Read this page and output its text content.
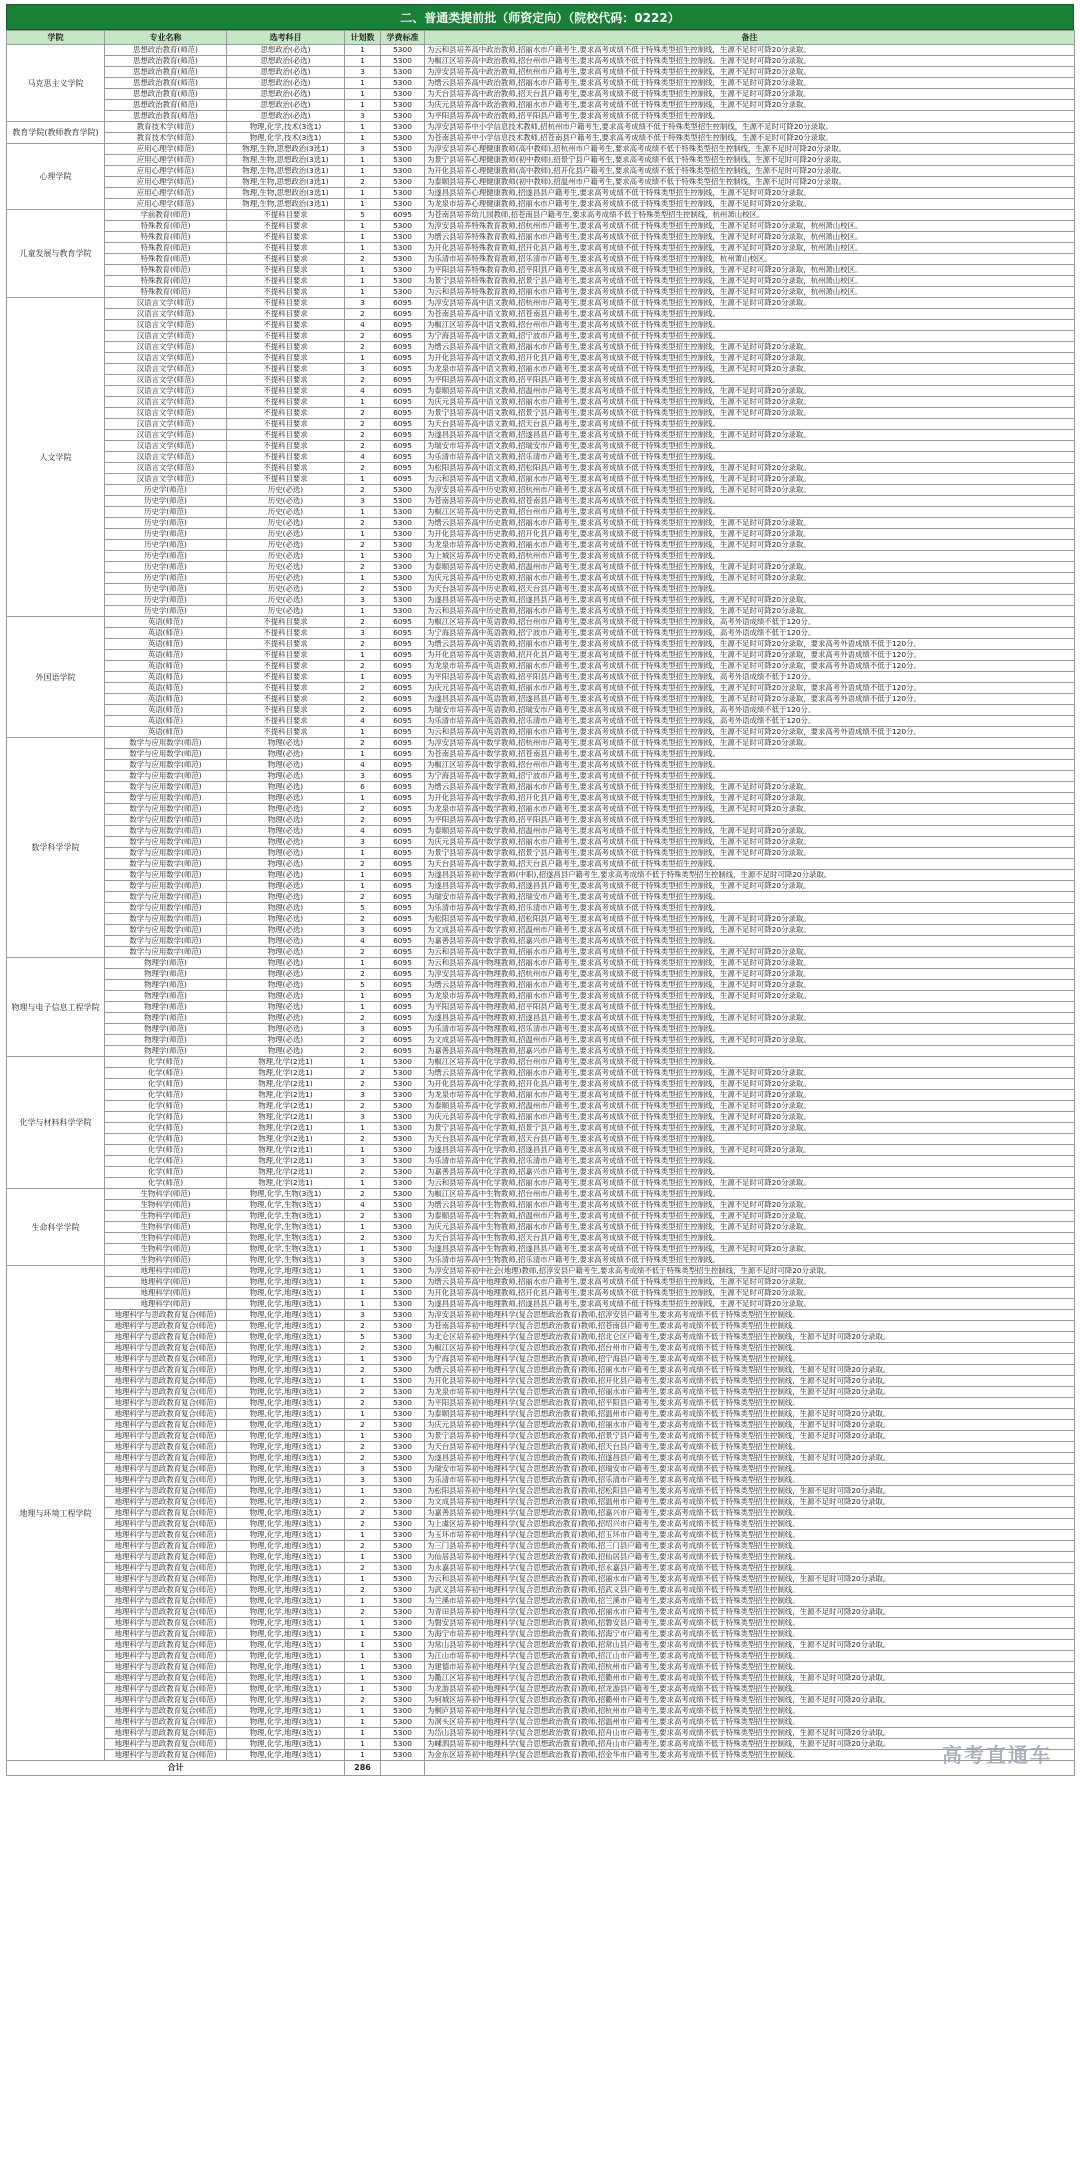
二、普通类提前批（师资定向）（院校代码：0222）
学院	专业名称	选考科目	计划数	学费标准	备注
马克思主义学院	思想政治教育(师范)	思想政治(必选)	1	5300	为云和县培养高中政治教师,招丽水市户籍考生,要求高考成绩不低于特殊类型招生控制线，生源不足时可降20分录取。
	思想政治教育(师范)	思想政治(必选)	1	5300	为椒江区培养高中政治教师,招台州市户籍考生,要求高考成绩不低于特殊类型招生控制线。生源不足时可降20分录取。
	思想政治教育(师范)	思想政治(必选)	3	5300	为淳安县培养高中政治教师,招杭州市户籍考生,要求高考成绩不低于特殊类型招生控制线，生源不足时可降20分录取。
	思想政治教育(师范)	思想政治(必选)	1	5300	为缙云县培养高中政治教师,招丽水市户籍考生,要求高考成绩不低于特殊类型招生控制线，生源不足时可降20分录取。
	思想政治教育(师范)	思想政治(必选)	1	5300	为天台县培养高中政治教师,招天台县户籍考生,要求高考成绩不低于特殊类型招生控制线，生源不足时可降20分录取。
	思想政治教育(师范)	思想政治(必选)	1	5300	为庆元县培养高中政治教师,招丽水市户籍考生,要求高考成绩不低于特殊类型招生控制线，生源不足时可降20分录取。
	思想政治教育(师范)	思想政治(必选)	3	5300	为平阳县培养高中政治教师,招平阳县户籍考生,要求高考成绩不低于特殊类型招生控制线。
教育学院(教师教育学院)	教育技术学(师范)	物理,化学,技术(3选1)	1	5300	为淳安县培养中小学信息技术教师,招杭州市户籍考生,要求高考成绩不低于特殊类型招生控制线，生源不足时可降20分录取。
	教育技术学(师范)	物理,化学,技术(3选1)	1	5300	为苍南县培养中小学信息技术教师,招苍南县户籍考生,要求高考成绩不低于特殊类型招生控制线，生源不足时可降20分录取。
心理学院	应用心理学(师范)	物理,生物,思想政治(3选1)	3	5300	为淳安县培养心理健康教师(高中教师),招杭州市户籍考生,要求高考成绩不低于特殊类型招生控制线，生源不足时可降20分录取。
	应用心理学(师范)	物理,生物,思想政治(3选1)	1	5300	为景宁县培养心理健康教师(初中教师),招景宁县户籍考生,要求高考成绩不低于特殊类型招生控制线，生源不足时可降20分录取。
	应用心理学(师范)	物理,生物,思想政治(3选1)	1	5300	为开化县培养心理健康教师(高中教师),招开化县户籍考生,要求高考成绩不低于特殊类型招生控制线，生源不足时可降20分录取。
	应用心理学(师范)	物理,生物,思想政治(3选1)	2	5300	为泰顺县培养心理健康教师(初中教师),招温州市户籍考生,要求高考成绩不低于特殊类型招生控制线，生源不足时可降20分录取。
	应用心理学(师范)	物理,生物,思想政治(3选1)	1	5300	为遂昌县培养心理健康教师,招遂昌县户籍考生,要求高考成绩不低于特殊类型招生控制线，生源不足时可降20分录取。
	应用心理学(师范)	物理,生物,思想政治(3选1)	1	5300	为龙泉市培养心理健康教师,招丽水市户籍考生,要求高考成绩不低于特殊类型招生控制线，生源不足时可降20分录取。
儿童发展与教育学院	学前教育(师范)	不提科目要求	5	6095	为苍南县培养幼儿园教师,招苍南县户籍考生,要求高考成绩不低于特殊类型招生控制线，杭州萧山校区。
	特殊教育(师范)	不提科目要求	1	5300	为淳安县培养特殊教育教师,招杭州市户籍考生,要求高考成绩不低于特殊类型招生控制线，生源不足时可降20分录取，杭州萧山校区。
	特殊教育(师范)	不提科目要求	1	5300	为缙云县培养特殊教育教师,招丽水市户籍考生,要求高考成绩不低于特殊类型招生控制线，生源不足时可降20分录取，杭州萧山校区。
	特殊教育(师范)	不提科目要求	1	5300	为开化县培养特殊教育教师,招开化县户籍考生,要求高考成绩不低于特殊类型招生控制线，生源不足时可降20分录取，杭州萧山校区。
	特殊教育(师范)	不提科目要求	2	5300	为乐清市培养特殊教育教师,招乐清市户籍考生,要求高考成绩不低于特殊类型招生控制线，杭州萧山校区。
	特殊教育(师范)	不提科目要求	1	5300	为平阳县培养特殊教育教师,招平阳县户籍考生,要求高考成绩不低于特殊类型招生控制线，生源不足时可降20分录取，杭州萧山校区。
	特殊教育(师范)	不提科目要求	1	5300	为景宁县培养特殊教育教师,招景宁县户籍考生,要求高考成绩不低于特殊类型招生控制线，生源不足时可降20分录取，杭州萧山校区。
	特殊教育(师范)	不提科目要求	1	5300	为云和县培养特殊教育教师,招丽水市户籍考生,要求高考成绩不低于特殊类型招生控制线，生源不足时可降20分录取，杭州萧山校区。
人文学院	汉语言文学(师范)	不提科目要求	3	6095	为淳安县培养高中语文教师,招杭州市户籍考生,要求高考成绩不低于特殊类型招生控制线，生源不足时可降20分录取。
	汉语言文学(师范)	不提科目要求	2	6095	为苍南县培养高中语文教师,招苍南县户籍考生,要求高考成绩不低于特殊类型招生控制线。
	汉语言文学(师范)	不提科目要求	4	6095	为椒江区培养高中语文教师,招台州市户籍考生,要求高考成绩不低于特殊类型招生控制线。
	汉语言文学(师范)	不提科目要求	2	6095	为宁海县培养高中语文教师,招宁波市户籍考生,要求高考成绩不低于特殊类型招生控制线。
	汉语言文学(师范)	不提科目要求	2	6095	为缙云县培养高中语文教师,招丽水市户籍考生,要求高考成绩不低于特殊类型招生控制线，生源不足时可降20分录取。
	汉语言文学(师范)	不提科目要求	1	6095	为开化县培养高中语文教师,招开化县户籍考生,要求高考成绩不低于特殊类型招生控制线，生源不足时可降20分录取。
	汉语言文学(师范)	不提科目要求	3	6095	为龙泉市培养高中语文教师,招丽水市户籍考生,要求高考成绩不低于特殊类型招生控制线，生源不足时可降20分录取。
	汉语言文学(师范)	不提科目要求	2	6095	为平阳县培养高中语文教师,招平阳县户籍考生,要求高考成绩不低于特殊类型招生控制线。
	汉语言文学(师范)	不提科目要求	4	6095	为泰顺县培养高中语文教师,招温州市户籍考生,要求高考成绩不低于特殊类型招生控制线，生源不足时可降20分录取。
	汉语言文学(师范)	不提科目要求	1	6095	为庆元县培养高中语文教师,招丽水市户籍考生,要求高考成绩不低于特殊类型招生控制线，生源不足时可降20分录取。
	汉语言文学(师范)	不提科目要求	2	6095	为景宁县培养高中语文教师,招景宁县户籍考生,要求高考成绩不低于特殊类型招生控制线，生源不足时可降20分录取。
	汉语言文学(师范)	不提科目要求	2	6095	为天台县培养高中语文教师,招天台县户籍考生,要求高考成绩不低于特殊类型招生控制线。
	汉语言文学(师范)	不提科目要求	2	6095	为遂昌县培养高中语文教师,招遂昌县户籍考生,要求高考成绩不低于特殊类型招生控制线，生源不足时可降20分录取。
	汉语言文学(师范)	不提科目要求	2	6095	为瑞安市培养高中语文教师,招瑞安市户籍考生,要求高考成绩不低于特殊类型招生控制线。
	汉语言文学(师范)	不提科目要求	4	6095	为乐清市培养高中语文教师,招乐清市户籍考生,要求高考成绩不低于特殊类型招生控制线。
	汉语言文学(师范)	不提科目要求	2	6095	为松阳县培养高中语文教师,招松阳县户籍考生,要求高考成绩不低于特殊类型招生控制线，生源不足时可降20分录取。
	汉语言文学(师范)	不提科目要求	1	6095	为云和县培养高中语文教师,招丽水市户籍考生,要求高考成绩不低于特殊类型招生控制线，生源不足时可降20分录取。
	历史学(师范)	历史(必选)	2	5300	为淳安县培养高中历史教师,招杭州市户籍考生,要求高考成绩不低于特殊类型招生控制线，生源不足时可降20分录取。
	历史学(师范)	历史(必选)	3	5300	为苍南县培养高中历史教师,招苍南县户籍考生,要求高考成绩不低于特殊类型招生控制线。
	历史学(师范)	历史(必选)	1	5300	为椒江区培养高中历史教师,招台州市户籍考生,要求高考成绩不低于特殊类型招生控制线。
	历史学(师范)	历史(必选)	2	5300	为缙云县培养高中历史教师,招丽水市户籍考生,要求高考成绩不低于特殊类型招生控制线，生源不足时可降20分录取。
	历史学(师范)	历史(必选)	1	5300	为开化县培养高中历史教师,招开化县户籍考生,要求高考成绩不低于特殊类型招生控制线，生源不足时可降20分录取。
	历史学(师范)	历史(必选)	2	5300	为龙泉市培养高中历史教师,招丽水市户籍考生,要求高考成绩不低于特殊类型招生控制线，生源不足时可降20分录取。
	历史学(师范)	历史(必选)	1	5300	为上城区培养高中历史教师,招杭州市户籍考生,要求高考成绩不低于特殊类型招生控制线。
	历史学(师范)	历史(必选)	2	5300	为泰顺县培养高中历史教师,招温州市户籍考生,要求高考成绩不低于特殊类型招生控制线，生源不足时可降20分录取。
	历史学(师范)	历史(必选)	1	5300	为庆元县培养高中历史教师,招丽水市户籍考生,要求高考成绩不低于特殊类型招生控制线，生源不足时可降20分录取。
	历史学(师范)	历史(必选)	2	5300	为天台县培养高中历史教师,招天台县户籍考生,要求高考成绩不低于特殊类型招生控制线。
	历史学(师范)	历史(必选)	3	5300	为遂昌县培养高中历史教师,招遂昌县户籍考生,要求高考成绩不低于特殊类型招生控制线，生源不足时可降20分录取。
	历史学(师范)	历史(必选)	1	5300	为云和县培养高中历史教师,招丽水市户籍考生,要求高考成绩不低于特殊类型招生控制线，生源不足时可降20分录取。
外国语学院	英语(师范)	不提科目要求	2	6095	为椒江区培养高中英语教师,招台州市户籍考生,要求高考成绩不低于特殊类型招生控制线，高考外语成绩不低于120分。
	英语(师范)	不提科目要求	3	6095	为宁海县培养高中英语教师,招宁波市户籍考生,要求高考成绩不低于特殊类型招生控制线，高考外语成绩不低于120分。
	英语(师范)	不提科目要求	2	6095	为缙云县培养高中英语教师,招丽水市户籍考生,要求高考成绩不低于特殊类型招生控制线，生源不足时可降20分录取，要求高考外语成绩不低于120分。
	英语(师范)	不提科目要求	1	6095	为开化县培养高中英语教师,招开化县户籍考生,要求高考成绩不低于特殊类型招生控制线，生源不足时可降20分录取，要求高考外语成绩不低于120分。
	英语(师范)	不提科目要求	2	6095	为龙泉市培养高中英语教师,招丽水市户籍考生,要求高考成绩不低于特殊类型招生控制线，生源不足时可降20分录取，要求高考外语成绩不低于120分。
	英语(师范)	不提科目要求	1	6095	为平阳县培养高中英语教师,招平阳县户籍考生,要求高考成绩不低于特殊类型招生控制线，高考外语成绩不低于120分。
	英语(师范)	不提科目要求	2	6095	为庆元县培养高中英语教师,招丽水市户籍考生,要求高考成绩不低于特殊类型招生控制线，生源不足时可降20分录取，要求高考外语成绩不低于120分。
	英语(师范)	不提科目要求	2	6095	为遂昌县培养高中英语教师,招遂昌县户籍考生,要求高考成绩不低于特殊类型招生控制线，生源不足时可降20分录取，要求高考外语成绩不低于120分。
	英语(师范)	不提科目要求	2	6095	为瑞安市培养高中英语教师,招瑞安市户籍考生,要求高考成绩不低于特殊类型招生控制线，高考外语成绩不低于120分。
	英语(师范)	不提科目要求	4	6095	为乐清市培养高中英语教师,招乐清市户籍考生,要求高考成绩不低于特殊类型招生控制线，高考外语成绩不低于120分。
	英语(师范)	不提科目要求	1	6095	为云和县培养高中英语教师,招丽水市户籍考生,要求高考成绩不低于特殊类型招生控制线，生源不足时可降20分录取，要求高考外语成绩不低于120分。
数学科学学院	数学与应用数学(师范)	物理(必选)	2	6095	为淳安县培养高中数学教师,招杭州市户籍考生,要求高考成绩不低于特殊类型招生控制线，生源不足时可降20分录取。
	数学与应用数学(师范)	物理(必选)	1	6095	为苍南县培养高中数学教师,招苍南县户籍考生,要求高考成绩不低于特殊类型招生控制线。
	数学与应用数学(师范)	物理(必选)	4	6095	为椒江区培养高中数学教师,招台州市户籍考生,要求高考成绩不低于特殊类型招生控制线。
	数学与应用数学(师范)	物理(必选)	3	6095	为宁海县培养高中数学教师,招宁波市户籍考生,要求高考成绩不低于特殊类型招生控制线。
	数学与应用数学(师范)	物理(必选)	6	6095	为缙云县培养高中数学教师,招丽水市户籍考生,要求高考成绩不低于特殊类型招生控制线，生源不足时可降20分录取。
	数学与应用数学(师范)	物理(必选)	1	6095	为开化县培养高中数学教师,招开化县户籍考生,要求高考成绩不低于特殊类型招生控制线，生源不足时可降20分录取。
	数学与应用数学(师范)	物理(必选)	2	6095	为龙泉市培养高中数学教师,招丽水市户籍考生,要求高考成绩不低于特殊类型招生控制线，生源不足时可降20分录取。
	数学与应用数学(师范)	物理(必选)	2	6095	为平阳县培养高中数学教师,招平阳县户籍考生,要求高考成绩不低于特殊类型招生控制线。
	数学与应用数学(师范)	物理(必选)	4	6095	为泰顺县培养高中数学教师,招温州市户籍考生,要求高考成绩不低于特殊类型招生控制线，生源不足时可降20分录取。
	数学与应用数学(师范)	物理(必选)	3	6095	为庆元县培养高中数学教师,招丽水市户籍考生,要求高考成绩不低于特殊类型招生控制线，生源不足时可降20分录取。
	数学与应用数学(师范)	物理(必选)	1	6095	为景宁县培养高中数学教师,招景宁县户籍考生,要求高考成绩不低于特殊类型招生控制线，生源不足时可降20分录取。
	数学与应用数学(师范)	物理(必选)	2	6095	为天台县培养高中数学教师,招天台县户籍考生,要求高考成绩不低于特殊类型招生控制线。
	数学与应用数学(师范)	物理(必选)	1	6095	为遂昌县培养初中数学教师(中职),招遂昌县户籍考生,要求高考成绩不低于特殊类型招生控制线，生源不足时可降20分录取。
	数学与应用数学(师范)	物理(必选)	1	6095	为遂昌县培养高中数学教师,招遂昌县户籍考生,要求高考成绩不低于特殊类型招生控制线，生源不足时可降20分录取。
	数学与应用数学(师范)	物理(必选)	2	6095	为瑞安市培养高中数学教师,招瑞安市户籍考生,要求高考成绩不低于特殊类型招生控制线。
	数学与应用数学(师范)	物理(必选)	5	6095	为乐清市培养高中数学教师,招乐清市户籍考生,要求高考成绩不低于特殊类型招生控制线。
	数学与应用数学(师范)	物理(必选)	2	6095	为松阳县培养高中数学教师,招松阳县户籍考生,要求高考成绩不低于特殊类型招生控制线，生源不足时可降20分录取。
	数学与应用数学(师范)	物理(必选)	3	6095	为文成县培养高中数学教师,招温州市户籍考生,要求高考成绩不低于特殊类型招生控制线，生源不足时可降20分录取。
	数学与应用数学(师范)	物理(必选)	4	6095	为嘉善县培养高中数学教师,招嘉兴市户籍考生,要求高考成绩不低于特殊类型招生控制线。
	数学与应用数学(师范)	物理(必选)	2	6095	为云和县培养高中数学教师,招丽水市户籍考生,要求高考成绩不低于特殊类型招生控制线，生源不足时可降20分录取。
物理与电子信息工程学院	物理学(师范)	物理(必选)	1	6095	为云和县培养高中物理教师,招丽水市户籍考生,要求高考成绩不低于特殊类型招生控制线，生源不足时可降20分录取。
	物理学(师范)	物理(必选)	2	6095	为淳安县培养高中物理教师,招杭州市户籍考生,要求高考成绩不低于特殊类型招生控制线，生源不足时可降20分录取。
	物理学(师范)	物理(必选)	5	6095	为缙云县培养高中物理教师,招丽水市户籍考生,要求高考成绩不低于特殊类型招生控制线，生源不足时可降20分录取。
	物理学(师范)	物理(必选)	1	6095	为龙泉市培养高中物理教师,招丽水市户籍考生,要求高考成绩不低于特殊类型招生控制线，生源不足时可降20分录取。
	物理学(师范)	物理(必选)	1	6095	为平阳县培养高中物理教师,招平阳县户籍考生,要求高考成绩不低于特殊类型招生控制线。
	物理学(师范)	物理(必选)	2	6095	为遂昌县培养高中物理教师,招遂昌县户籍考生,要求高考成绩不低于特殊类型招生控制线，生源不足时可降20分录取。
	物理学(师范)	物理(必选)	3	6095	为乐清市培养高中物理教师,招乐清市户籍考生,要求高考成绩不低于特殊类型招生控制线。
	物理学(师范)	物理(必选)	2	6095	为文成县培养高中物理教师,招温州市户籍考生,要求高考成绩不低于特殊类型招生控制线，生源不足时可降20分录取。
	物理学(师范)	物理(必选)	2	6095	为嘉善县培养高中物理教师,招嘉兴市户籍考生,要求高考成绩不低于特殊类型招生控制线。
化学与材料科学学院	化学(师范)	物理,化学(2选1)	1	5300	为椒江区培养高中化学教师,招台州市户籍考生,要求高考成绩不低于特殊类型招生控制线。
	化学(师范)	物理,化学(2选1)	2	5300	为缙云县培养高中化学教师,招丽水市户籍考生,要求高考成绩不低于特殊类型招生控制线，生源不足时可降20分录取。
	化学(师范)	物理,化学(2选1)	2	5300	为开化县培养高中化学教师,招开化县户籍考生,要求高考成绩不低于特殊类型招生控制线，生源不足时可降20分录取。
	化学(师范)	物理,化学(2选1)	3	5300	为龙泉市培养高中化学教师,招丽水市户籍考生,要求高考成绩不低于特殊类型招生控制线，生源不足时可降20分录取。
	化学(师范)	物理,化学(2选1)	2	5300	为泰顺县培养高中化学教师,招温州市户籍考生,要求高考成绩不低于特殊类型招生控制线，生源不足时可降20分录取。
	化学(师范)	物理,化学(2选1)	3	5300	为庆元县培养高中化学教师,招丽水市户籍考生,要求高考成绩不低于特殊类型招生控制线，生源不足时可降20分录取。
	化学(师范)	物理,化学(2选1)	1	5300	为景宁县培养高中化学教师,招景宁县户籍考生,要求高考成绩不低于特殊类型招生控制线，生源不足时可降20分录取。
	化学(师范)	物理,化学(2选1)	2	5300	为天台县培养高中化学教师,招天台县户籍考生,要求高考成绩不低于特殊类型招生控制线。
	化学(师范)	物理,化学(2选1)	1	5300	为遂昌县培养高中化学教师,招遂昌县户籍考生,要求高考成绩不低于特殊类型招生控制线，生源不足时可降20分录取。
	化学(师范)	物理,化学(2选1)	3	5300	为乐清市培养高中化学教师,招乐清市户籍考生,要求高考成绩不低于特殊类型招生控制线。
	化学(师范)	物理,化学(2选1)	2	5300	为嘉善县培养高中化学教师,招嘉兴市户籍考生,要求高考成绩不低于特殊类型招生控制线。
	化学(师范)	物理,化学(2选1)	1	5300	为云和县培养高中化学教师,招丽水市户籍考生,要求高考成绩不低于特殊类型招生控制线，生源不足时可降20分录取。
生命科学学院	生物科学(师范)	物理,化学,生物(3选1)	2	5300	为椒江区培养高中生物教师,招台州市户籍考生,要求高考成绩不低于特殊类型招生控制线。
	生物科学(师范)	物理,化学,生物(3选1)	4	5300	为缙云县培养高中生物教师,招丽水市户籍考生,要求高考成绩不低于特殊类型招生控制线，生源不足时可降20分录取。
	生物科学(师范)	物理,化学,生物(3选1)	2	5300	为泰顺县培养高中生物教师,招温州市户籍考生,要求高考成绩不低于特殊类型招生控制线，生源不足时可降20分录取。
	生物科学(师范)	物理,化学,生物(3选1)	1	5300	为庆元县培养高中生物教师,招丽水市户籍考生,要求高考成绩不低于特殊类型招生控制线，生源不足时可降20分录取。
	生物科学(师范)	物理,化学,生物(3选1)	2	5300	为天台县培养高中生物教师,招天台县户籍考生,要求高考成绩不低于特殊类型招生控制线。
	生物科学(师范)	物理,化学,生物(3选1)	1	5300	为遂昌县培养高中生物教师,招遂昌县户籍考生,要求高考成绩不低于特殊类型招生控制线，生源不足时可降20分录取。
	生物科学(师范)	物理,化学,生物(3选1)	3	5300	为乐清市培养高中生物教师,招乐清市户籍考生,要求高考成绩不低于特殊类型招生控制线。
地理与环境工程学院	地理科学(师范)	物理,化学,地理(3选1)	1	5300	为淳安县培养初中社会(地理)教师,招淳安县户籍考生,要求高考成绩不低于特殊类型招生控制线，生源不足时可降20分录取。
	地理科学(师范)	物理,化学,地理(3选1)	1	5300	为缙云县培养高中地理教师,招丽水市户籍考生,要求高考成绩不低于特殊类型招生控制线，生源不足时可降20分录取。
	地理科学(师范)	物理,化学,地理(3选1)	1	5300	为开化县培养高中地理教师,招开化县户籍考生,要求高考成绩不低于特殊类型招生控制线，生源不足时可降20分录取。
	地理科学(师范)	物理,化学,地理(3选1)	1	5300	为遂昌县培养高中地理教师,招遂昌县户籍考生,要求高考成绩不低于特殊类型招生控制线，生源不足时可降20分录取。
	地理科学与思政教育复合(师范)	物理,化学,地理(3选1)	3	5300	为淳安县培养初中地理科学(复合思想政治教育)教师,招淳安县户籍考生,要求高考成绩不低于特殊类型招生控制线。
	地理科学与思政教育复合(师范)	物理,化学,地理(3选1)	2	5300	为苍南县培养初中地理科学(复合思想政治教育)教师,招苍南县户籍考生,要求高考成绩不低于特殊类型招生控制线。
	地理科学与思政教育复合(师范)	物理,化学,地理(3选1)	5	5300	为北仑区培养初中地理科学(复合思想政治教育)教师,招北仑区户籍考生,要求高考成绩不低于特殊类型招生控制线，生源不足时可降20分录取。
	地理科学与思政教育复合(师范)	物理,化学,地理(3选1)	2	5300	为椒江区培养初中地理科学(复合思想政治教育)教师,招台州市户籍考生,要求高考成绩不低于特殊类型招生控制线。
	地理科学与思政教育复合(师范)	物理,化学,地理(3选1)	1	5300	为宁海县培养初中地理科学(复合思想政治教育)教师,招宁海县户籍考生,要求高考成绩不低于特殊类型招生控制线。
	地理科学与思政教育复合(师范)	物理,化学,地理(3选1)	2	5300	为缙云县培养初中地理科学(复合思想政治教育)教师,招丽水市户籍考生,要求高考成绩不低于特殊类型招生控制线，生源不足时可降20分录取。
	地理科学与思政教育复合(师范)	物理,化学,地理(3选1)	1	5300	为开化县培养初中地理科学(复合思想政治教育)教师,招开化县户籍考生,要求高考成绩不低于特殊类型招生控制线，生源不足时可降20分录取。
	地理科学与思政教育复合(师范)	物理,化学,地理(3选1)	2	5300	为龙泉市培养初中地理科学(复合思想政治教育)教师,招丽水市户籍考生,要求高考成绩不低于特殊类型招生控制线，生源不足时可降20分录取。
	地理科学与思政教育复合(师范)	物理,化学,地理(3选1)	2	5300	为平阳县培养初中地理科学(复合思想政治教育)教师,招平阳县户籍考生,要求高考成绩不低于特殊类型招生控制线。
	地理科学与思政教育复合(师范)	物理,化学,地理(3选1)	1	5300	为泰顺县培养初中地理科学(复合思想政治教育)教师,招温州市户籍考生,要求高考成绩不低于特殊类型招生控制线，生源不足时可降20分录取。
	地理科学与思政教育复合(师范)	物理,化学,地理(3选1)	2	5300	为庆元县培养初中地理科学(复合思想政治教育)教师,招丽水市户籍考生,要求高考成绩不低于特殊类型招生控制线，生源不足时可降20分录取。
	地理科学与思政教育复合(师范)	物理,化学,地理(3选1)	1	5300	为景宁县培养初中地理科学(复合思想政治教育)教师,招景宁县户籍考生,要求高考成绩不低于特殊类型招生控制线，生源不足时可降20分录取。
	地理科学与思政教育复合(师范)	物理,化学,地理(3选1)	2	5300	为天台县培养初中地理科学(复合思想政治教育)教师,招天台县户籍考生,要求高考成绩不低于特殊类型招生控制线。
	地理科学与思政教育复合(师范)	物理,化学,地理(3选1)	2	5300	为遂昌县培养初中地理科学(复合思想政治教育)教师,招遂昌县户籍考生,要求高考成绩不低于特殊类型招生控制线，生源不足时可降20分录取。
	地理科学与思政教育复合(师范)	物理,化学,地理(3选1)	3	5300	为瑞安市培养初中地理科学(复合思想政治教育)教师,招瑞安市户籍考生,要求高考成绩不低于特殊类型招生控制线。
	地理科学与思政教育复合(师范)	物理,化学,地理(3选1)	3	5300	为乐清市培养初中地理科学(复合思想政治教育)教师,招乐清市户籍考生,要求高考成绩不低于特殊类型招生控制线。
	地理科学与思政教育复合(师范)	物理,化学,地理(3选1)	1	5300	为松阳县培养初中地理科学(复合思想政治教育)教师,招松阳县户籍考生,要求高考成绩不低于特殊类型招生控制线，生源不足时可降20分录取。
	地理科学与思政教育复合(师范)	物理,化学,地理(3选1)	2	5300	为文成县培养初中地理科学(复合思想政治教育)教师,招温州市户籍考生,要求高考成绩不低于特殊类型招生控制线，生源不足时可降20分录取。
	地理科学与思政教育复合(师范)	物理,化学,地理(3选1)	2	5300	为嘉善县培养初中地理科学(复合思想政治教育)教师,招嘉兴市户籍考生,要求高考成绩不低于特殊类型招生控制线。
	地理科学与思政教育复合(师范)	物理,化学,地理(3选1)	2	5300	为上虞区培养初中地理科学(复合思想政治教育)教师,招绍兴市户籍考生,要求高考成绩不低于特殊类型招生控制线。
	地理科学与思政教育复合(师范)	物理,化学,地理(3选1)	1	5300	为玉环市培养初中地理科学(复合思想政治教育)教师,招玉环市户籍考生,要求高考成绩不低于特殊类型招生控制线。
	地理科学与思政教育复合(师范)	物理,化学,地理(3选1)	2	5300	为三门县培养初中地理科学(复合思想政治教育)教师,招三门县户籍考生,要求高考成绩不低于特殊类型招生控制线。
	地理科学与思政教育复合(师范)	物理,化学,地理(3选1)	1	5300	为仙居县培养初中地理科学(复合思想政治教育)教师,招仙居县户籍考生,要求高考成绩不低于特殊类型招生控制线。
	地理科学与思政教育复合(师范)	物理,化学,地理(3选1)	2	5300	为永嘉县培养初中地理科学(复合思想政治教育)教师,招永嘉县户籍考生,要求高考成绩不低于特殊类型招生控制线。
	地理科学与思政教育复合(师范)	物理,化学,地理(3选1)	1	5300	为云和县培养初中地理科学(复合思想政治教育)教师,招丽水市户籍考生,要求高考成绩不低于特殊类型招生控制线，生源不足时可降20分录取。
	地理科学与思政教育复合(师范)	物理,化学,地理(3选1)	2	5300	为武义县培养初中地理科学(复合思想政治教育)教师,招武义县户籍考生,要求高考成绩不低于特殊类型招生控制线。
	地理科学与思政教育复合(师范)	物理,化学,地理(3选1)	1	5300	为兰溪市培养初中地理科学(复合思想政治教育)教师,招兰溪市户籍考生,要求高考成绩不低于特殊类型招生控制线。
	地理科学与思政教育复合(师范)	物理,化学,地理(3选1)	2	5300	为青田县培养初中地理科学(复合思想政治教育)教师,招丽水市户籍考生,要求高考成绩不低于特殊类型招生控制线，生源不足时可降20分录取。
	地理科学与思政教育复合(师范)	物理,化学,地理(3选1)	1	5300	为磐安县培养初中地理科学(复合思想政治教育)教师,招磐安县户籍考生,要求高考成绩不低于特殊类型招生控制线。
	地理科学与思政教育复合(师范)	物理,化学,地理(3选1)	1	5300	为海宁市培养初中地理科学(复合思想政治教育)教师,招海宁市户籍考生,要求高考成绩不低于特殊类型招生控制线。
	地理科学与思政教育复合(师范)	物理,化学,地理(3选1)	1	5300	为常山县培养初中地理科学(复合思想政治教育)教师,招常山县户籍考生,要求高考成绩不低于特殊类型招生控制线，生源不足时可降20分录取。
	地理科学与思政教育复合(师范)	物理,化学,地理(3选1)	1	5300	为江山市培养初中地理科学(复合思想政治教育)教师,招江山市户籍考生,要求高考成绩不低于特殊类型招生控制线。
	地理科学与思政教育复合(师范)	物理,化学,地理(3选1)	1	5300	为建德市培养初中地理科学(复合思想政治教育)教师,招杭州市户籍考生,要求高考成绩不低于特殊类型招生控制线。
	地理科学与思政教育复合(师范)	物理,化学,地理(3选1)	1	5300	为衢江区培养初中地理科学(复合思想政治教育)教师,招衢州市户籍考生,要求高考成绩不低于特殊类型招生控制线，生源不足时可降20分录取。
	地理科学与思政教育复合(师范)	物理,化学,地理(3选1)	1	5300	为龙游县培养初中地理科学(复合思想政治教育)教师,招龙游县户籍考生,要求高考成绩不低于特殊类型招生控制线。
	地理科学与思政教育复合(师范)	物理,化学,地理(3选1)	2	5300	为柯城区培养初中地理科学(复合思想政治教育)教师,招衢州市户籍考生,要求高考成绩不低于特殊类型招生控制线，生源不足时可降20分录取。
	地理科学与思政教育复合(师范)	物理,化学,地理(3选1)	1	5300	为桐庐县培养初中地理科学(复合思想政治教育)教师,招杭州市户籍考生,要求高考成绩不低于特殊类型招生控制线。
	地理科学与思政教育复合(师范)	物理,化学,地理(3选1)	1	5300	为洞头区培养初中地理科学(复合思想政治教育)教师,招温州市户籍考生,要求高考成绩不低于特殊类型招生控制线。
	地理科学与思政教育复合(师范)	物理,化学,地理(3选1)	1	5300	为岱山县培养初中地理科学(复合思想政治教育)教师,招舟山市户籍考生,要求高考成绩不低于特殊类型招生控制线，生源不足时可降20分录取。
	地理科学与思政教育复合(师范)	物理,化学,地理(3选1)	1	5300	为嵊泗县培养初中地理科学(复合思想政治教育)教师,招舟山市户籍考生,要求高考成绩不低于特殊类型招生控制线，生源不足时可降20分录取。
	地理科学与思政教育复合(师范)	物理,化学,地理(3选1)	1	5300	为金东区培养初中地理科学(复合思想政治教育)教师,招金华市户籍考生,要求高考成绩不低于特殊类型招生控制线。
合计			286		
高考直通车
